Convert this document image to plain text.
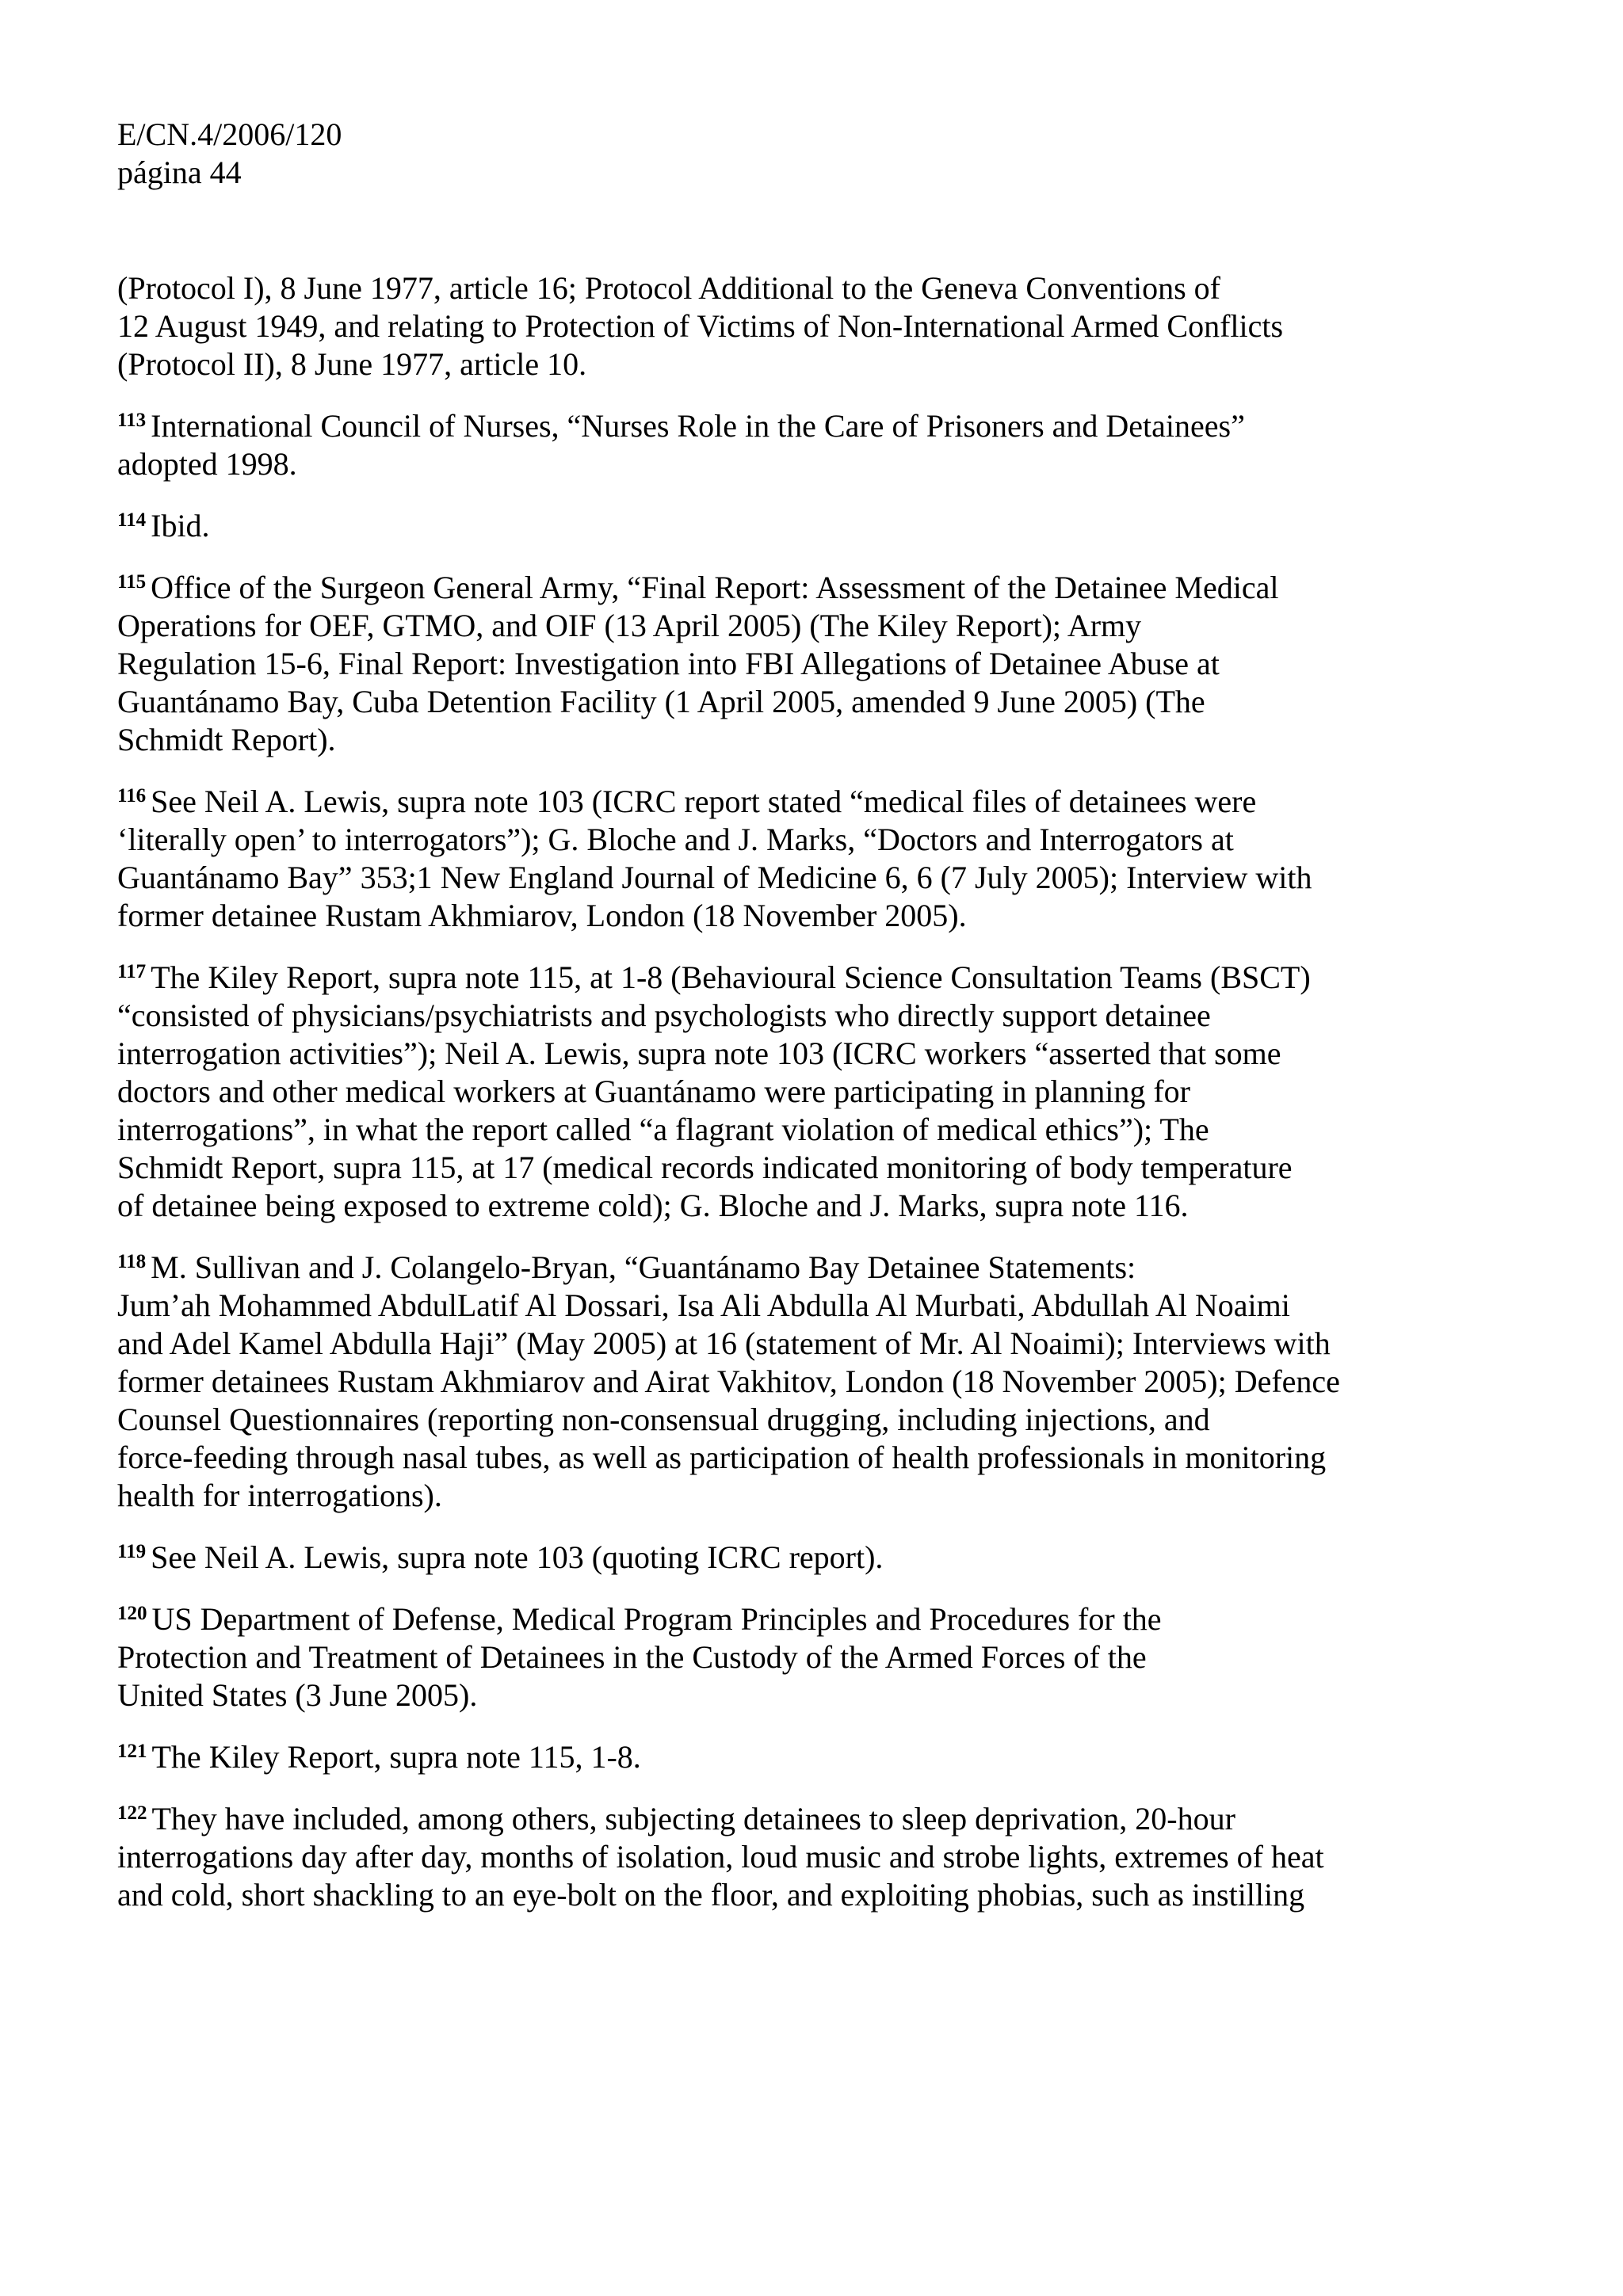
E/CN.4/2006/120
página 44
(Protocol I), 8 June 1977, article 16; Protocol Additional to the Geneva Conventions of
12 August 1949, and relating to Protection of Victims of Non-International Armed Conflicts
(Protocol II), 8 June 1977, article 10.
$^{113}$ International Council of Nurses, “Nurses Role in the Care of Prisoners and Detainees”
adopted 1998.
$^{114}$ Ibid.
$^{115}$ Office of the Surgeon General Army, “Final Report: Assessment of the Detainee Medical
Operations for OEF, GTMO, and OIF (13 April 2005) (The Kiley Report); Army
Regulation 15-6, Final Report: Investigation into FBI Allegations of Detainee Abuse at
Guantánamo Bay, Cuba Detention Facility (1 April 2005, amended 9 June 2005) (The
Schmidt Report).
$^{116}$ See Neil A. Lewis, supra note 103 (ICRC report stated “medical files of detainees were
‘literally open’ to interrogators”); G. Bloche and J. Marks, “Doctors and Interrogators at
Guantánamo Bay” 353;1 New England Journal of Medicine 6, 6 (7 July 2005); Interview with
former detainee Rustam Akhmiarov, London (18 November 2005).
$^{117}$ The Kiley Report, supra note 115, at 1-8 (Behavioural Science Consultation Teams (BSCT)
“consisted of physicians/psychiatrists and psychologists who directly support detainee
interrogation activities”); Neil A. Lewis, supra note 103 (ICRC workers “asserted that some
doctors and other medical workers at Guantánamo were participating in planning for
interrogations”, in what the report called “a flagrant violation of medical ethics”); The
Schmidt Report, supra 115, at 17 (medical records indicated monitoring of body temperature
of detainee being exposed to extreme cold); G. Bloche and J. Marks, supra note 116.
$^{118}$ M. Sullivan and J. Colangelo-Bryan, “Guantánamo Bay Detainee Statements:
Jum’ah Mohammed AbdulLatif Al Dossari, Isa Ali Abdulla Al Murbati, Abdullah Al Noaimi
and Adel Kamel Abdulla Haji” (May 2005) at 16 (statement of Mr. Al Noaimi); Interviews with
former detainees Rustam Akhmiarov and Airat Vakhitov, London (18 November 2005); Defence
Counsel Questionnaires (reporting non-consensual drugging, including injections, and
force-feeding through nasal tubes, as well as participation of health professionals in monitoring
health for interrogations).
$^{119}$ See Neil A. Lewis, supra note 103 (quoting ICRC report).
$^{120}$ US Department of Defense, Medical Program Principles and Procedures for the
Protection and Treatment of Detainees in the Custody of the Armed Forces of the
United States (3 June 2005).
$^{121}$ The Kiley Report, supra note 115, 1-8.
$^{122}$ They have included, among others, subjecting detainees to sleep deprivation, 20-hour
interrogations day after day, months of isolation, loud music and strobe lights, extremes of heat
and cold, short shackling to an eye-bolt on the floor, and exploiting phobias, such as instilling
